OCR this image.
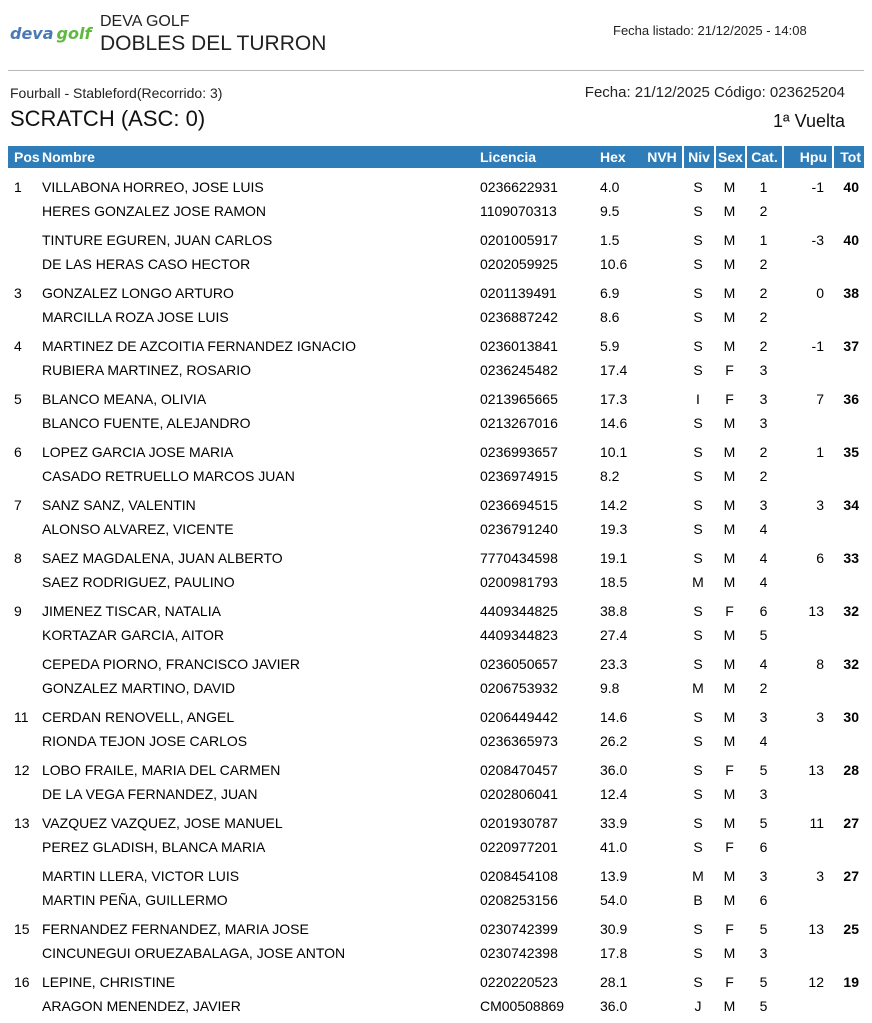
deva golf
DEVA GOLF
DOBLES DEL TURRON
Fecha listado: 21/12/2025 - 14:08
Fourball - Stableford(Recorrido: 3)	Fecha: 21/12/2025 Código: 023625204
SCRATCH (ASC: 0)	1ª Vuelta
Pos Nombre	Licencia	Hex	NVH Niv Sex Cat.	Hpu Tot
1	VILLABONA HORREO, JOSE LUIS	0236622931	4.0	S	M	1	-1	40
HERES GONZALEZ JOSE RAMON	1109070313	9.5	S	M	2
TINTURE EGUREN, JUAN CARLOS	0201005917	1.5	S	M	1	-3	40
DE LAS HERAS CASO HECTOR	0202059925	10.6	S	M	2
3	GONZALEZ LONGO ARTURO	0201139491	6.9	S	M	2	0	38
MARCILLA ROZA JOSE LUIS	0236887242	8.6	S	M	2
4	MARTINEZ DE AZCOITIA FERNANDEZ IGNACIO	0236013841	5.9	S	M	2	-1	37
RUBIERA MARTINEZ, ROSARIO	0236245482	17.4	S	F	3
5	BLANCO MEANA, OLIVIA	0213965665	17.3	I	F	3	7	36
BLANCO FUENTE, ALEJANDRO	0213267016	14.6	S	M	3
6	LOPEZ GARCIA JOSE MARIA	0236993657	10.1	S	M	2	1	35
CASADO RETRUELLO MARCOS JUAN	0236974915	8.2	S	M	2
7	SANZ SANZ, VALENTIN	0236694515	14.2	S	M	3	3	34
ALONSO ALVAREZ, VICENTE	0236791240	19.3	S	M	4
8	SAEZ MAGDALENA, JUAN ALBERTO	7770434598	19.1	S	M	4	6	33
SAEZ RODRIGUEZ, PAULINO	0200981793	18.5	M	M	4
9	JIMENEZ TISCAR, NATALIA	4409344825	38.8	S	F	6	13	32
KORTAZAR GARCIA, AITOR	4409344823	27.4	S	M	5
CEPEDA PIORNO, FRANCISCO JAVIER	0236050657	23.3	S	M	4	8	32
GONZALEZ MARTINO, DAVID	0206753932	9.8	M	M	2
11 CERDAN RENOVELL, ANGEL	0206449442	14.6	S	M	3	3	30
RIONDA TEJON JOSE CARLOS	0236365973	26.2	S	M	4
12 LOBO FRAILE, MARIA DEL CARMEN	0208470457	36.0	S	F	5	13	28
DE LA VEGA FERNANDEZ, JUAN	0202806041	12.4	S	M	3
13 VAZQUEZ VAZQUEZ, JOSE MANUEL	0201930787	33.9	S	M	5	11	27
PEREZ GLADISH, BLANCA MARIA	0220977201	41.0	S	F	6
MARTIN LLERA, VICTOR LUIS	0208454108	13.9	M	M	3	3	27
MARTIN PEÑA, GUILLERMO	0208253156	54.0	B	M	6
15 FERNANDEZ FERNANDEZ, MARIA JOSE	0230742399	30.9	S	F	5	13	25
CINCUNEGUI ORUEZABALAGA, JOSE ANTON	0230742398	17.8	S	M	3
16 LEPINE, CHRISTINE	0220220523	28.1	S	F	5	12	19
ARAGON MENENDEZ, JAVIER	CM00508869	36.0	J	M	5
